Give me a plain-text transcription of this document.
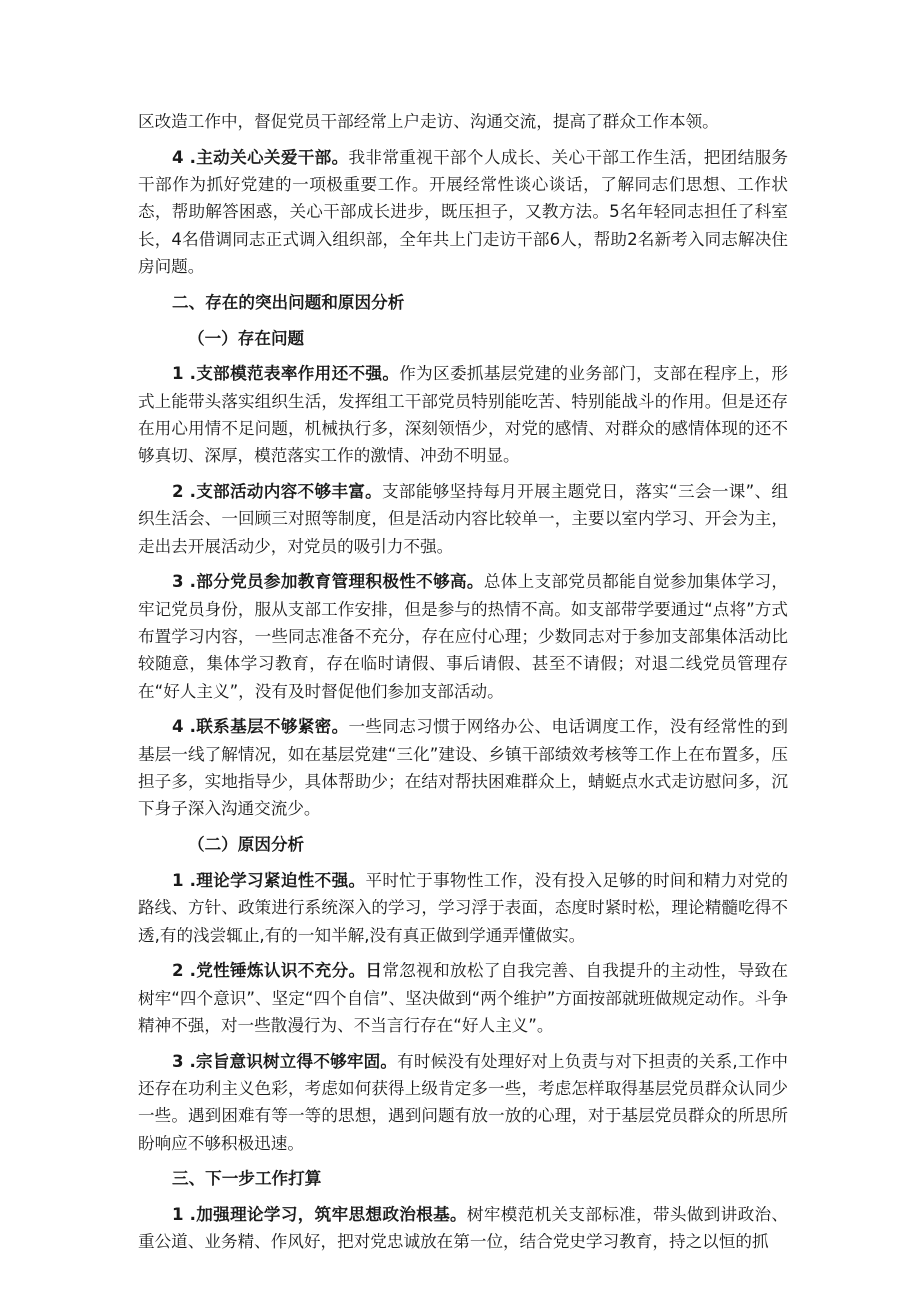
区改造工作中，督促党员干部经常上户走访、沟通交流，提高了群众工作本领。

4 .主动关心关爱干部。我非常重视干部个人成长、关心干部工作生活，把团结服务干部作为抓好党建的一项极重要工作。开展经常性谈心谈话，了解同志们思想、工作状态，帮助解答困惑，关心干部成长进步，既压担子，又教方法。5名年轻同志担任了科室长，4名借调同志正式调入组织部，全年共上门走访干部6人，帮助2名新考入同志解决住房问题。

二、存在的突出问题和原因分析

（一）存在问题

1 .支部模范表率作用还不强。作为区委抓基层党建的业务部门，支部在程序上，形式上能带头落实组织生活，发挥组工干部党员特别能吃苦、特别能战斗的作用。但是还存在用心用情不足问题，机械执行多，深刻领悟少，对党的感情、对群众的感情体现的还不够真切、深厚，模范落实工作的激情、冲劲不明显。

2 .支部活动内容不够丰富。支部能够坚持每月开展主题党日，落实“三会一课”、组织生活会、一回顾三对照等制度，但是活动内容比较单一，主要以室内学习、开会为主，走出去开展活动少，对党员的吸引力不强。

3 .部分党员参加教育管理积极性不够高。总体上支部党员都能自觉参加集体学习，牢记党员身份，服从支部工作安排，但是参与的热情不高。如支部带学要通过“点将”方式布置学习内容，一些同志准备不充分，存在应付心理；少数同志对于参加支部集体活动比较随意，集体学习教育，存在临时请假、事后请假、甚至不请假；对退二线党员管理存在“好人主义”，没有及时督促他们参加支部活动。

4 .联系基层不够紧密。一些同志习惯于网络办公、电话调度工作，没有经常性的到基层一线了解情况，如在基层党建“三化”建设、乡镇干部绩效考核等工作上在布置多，压担子多，实地指导少，具体帮助少；在结对帮扶困难群众上，蜻蜓点水式走访慰问多，沉下身子深入沟通交流少。

（二）原因分析

1 .理论学习紧迫性不强。平时忙于事物性工作，没有投入足够的时间和精力对党的路线、方针、政策进行系统深入的学习，学习浮于表面，态度时紧时松，理论精髓吃得不透,有的浅尝辄止,有的一知半解,没有真正做到学通弄懂做实。

2 .党性锤炼认识不充分。日常忽视和放松了自我完善、自我提升的主动性，导致在树牢“四个意识”、坚定“四个自信”、坚决做到“两个维护”方面按部就班做规定动作。斗争精神不强，对一些散漫行为、不当言行存在“好人主义”。

3 .宗旨意识树立得不够牢固。有时候没有处理好对上负责与对下担责的关系,工作中还存在功利主义色彩，考虑如何获得上级肯定多一些，考虑怎样取得基层党员群众认同少一些。遇到困难有等一等的思想，遇到问题有放一放的心理，对于基层党员群众的所思所盼响应不够积极迅速。

三、下一步工作打算

1 .加强理论学习，筑牢思想政治根基。树牢模范机关支部标准，带头做到讲政治、重公道、业务精、作风好，把对党忠诚放在第一位，结合党史学习教育，持之以恒的抓
